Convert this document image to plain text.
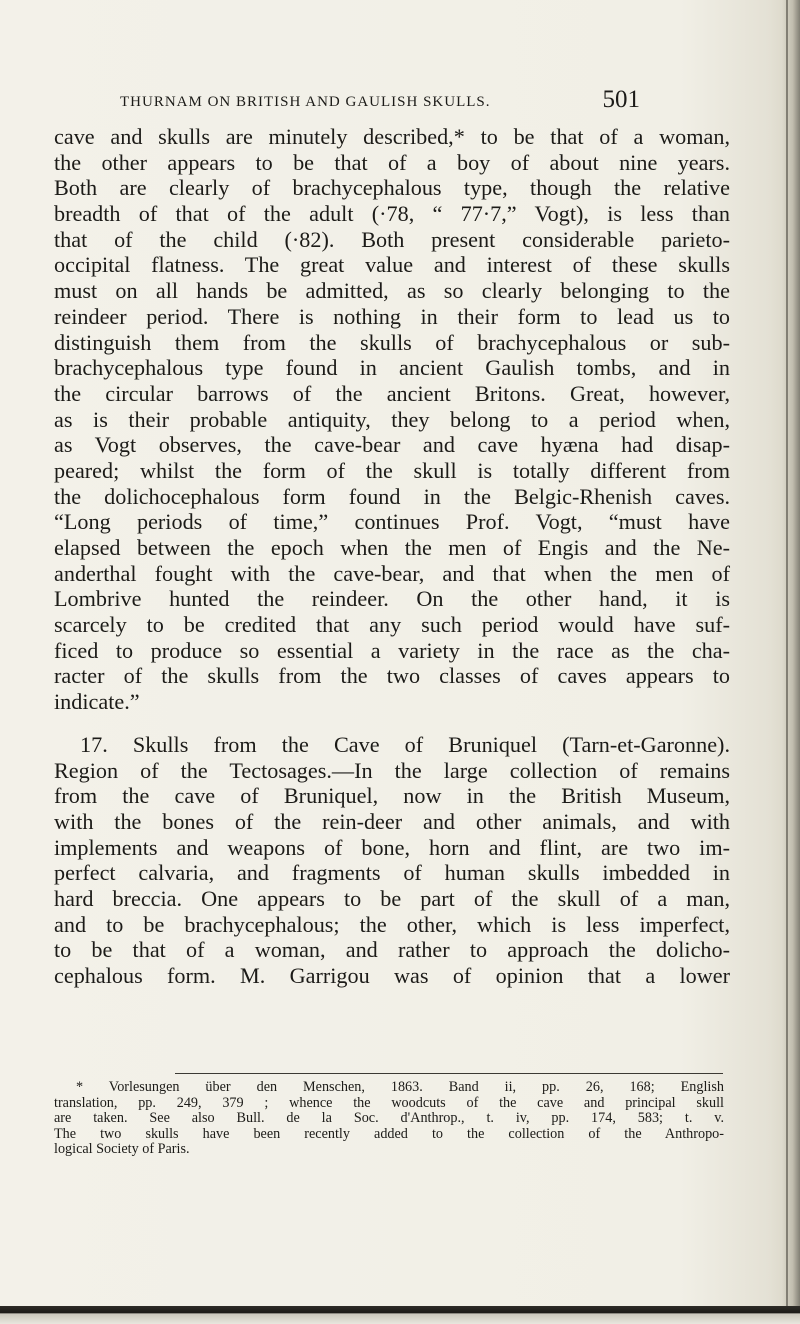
THURNAM ON BRITISH AND GAULISH SKULLS.	501
cave and skulls are minutely described,* to be that of a woman,
the other appears to be that of a boy of about nine years.
Both are clearly of brachycephalous type, though the relative
breadth of that of the adult (·78, “ 77·7,” Vogt), is less than
that of the child (·82). Both present considerable parieto-
occipital flatness. The great value and interest of these skulls
must on all hands be admitted, as so clearly belonging to the
reindeer period. There is nothing in their form to lead us to
distinguish them from the skulls of brachycephalous or sub-
brachycephalous type found in ancient Gaulish tombs, and in
the circular barrows of the ancient Britons. Great, however,
as is their probable antiquity, they belong to a period when,
as Vogt observes, the cave-bear and cave hyæna had disap-
peared; whilst the form of the skull is totally different from
the dolichocephalous form found in the Belgic-Rhenish caves.
“Long periods of time,” continues Prof. Vogt, “must have
elapsed between the epoch when the men of Engis and the Ne-
anderthal fought with the cave-bear, and that when the men of
Lombrive hunted the reindeer. On the other hand, it is
scarcely to be credited that any such period would have suf-
ficed to produce so essential a variety in the race as the cha-
racter of the skulls from the two classes of caves appears to
indicate.”
17. Skulls from the Cave of Bruniquel (Tarn-et-Garonne).
Region of the Tectosages.—In the large collection of remains
from the cave of Bruniquel, now in the British Museum,
with the bones of the rein-deer and other animals, and with
implements and weapons of bone, horn and flint, are two im-
perfect calvaria, and fragments of human skulls imbedded in
hard breccia. One appears to be part of the skull of a man,
and to be brachycephalous; the other, which is less imperfect,
to be that of a woman, and rather to approach the dolicho-
cephalous form. M. Garrigou was of opinion that a lower
* Vorlesungen über den Menschen, 1863. Band ii, pp. 26, 168; English
translation, pp. 249, 379 ; whence the woodcuts of the cave and principal skull
are taken. See also Bull. de la Soc. d'Anthrop., t. iv, pp. 174, 583; t. v.
The two skulls have been recently added to the collection of the Anthropo-
logical Society of Paris.
